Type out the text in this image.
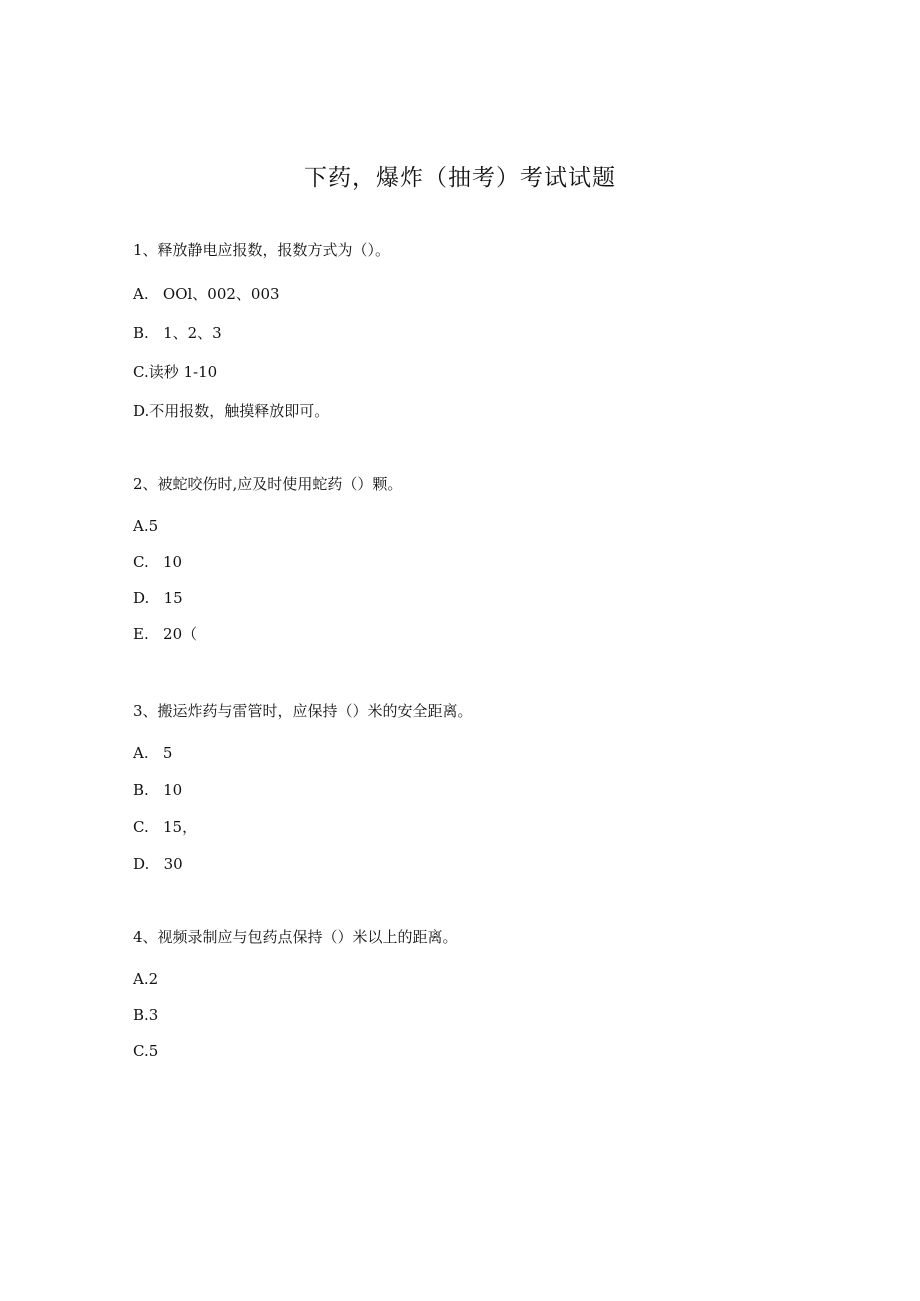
下药，爆炸（抽考）考试试题

1、释放静电应报数，报数方式为（）。

A.   OOl、002、003

B.   1、2、3

C.读秒 1-10

D.不用报数，触摸释放即可。

2、被蛇咬伤时,应及时使用蛇药（）颗。

A.5

C.   10

D.   15

E.   20（

3、搬运炸药与雷管时，应保持（）米的安全距离。

A.   5

B.   10

C.   15，

D.   30

4、视频录制应与包药点保持（）米以上的距离。

A.2

B.3

C.5
